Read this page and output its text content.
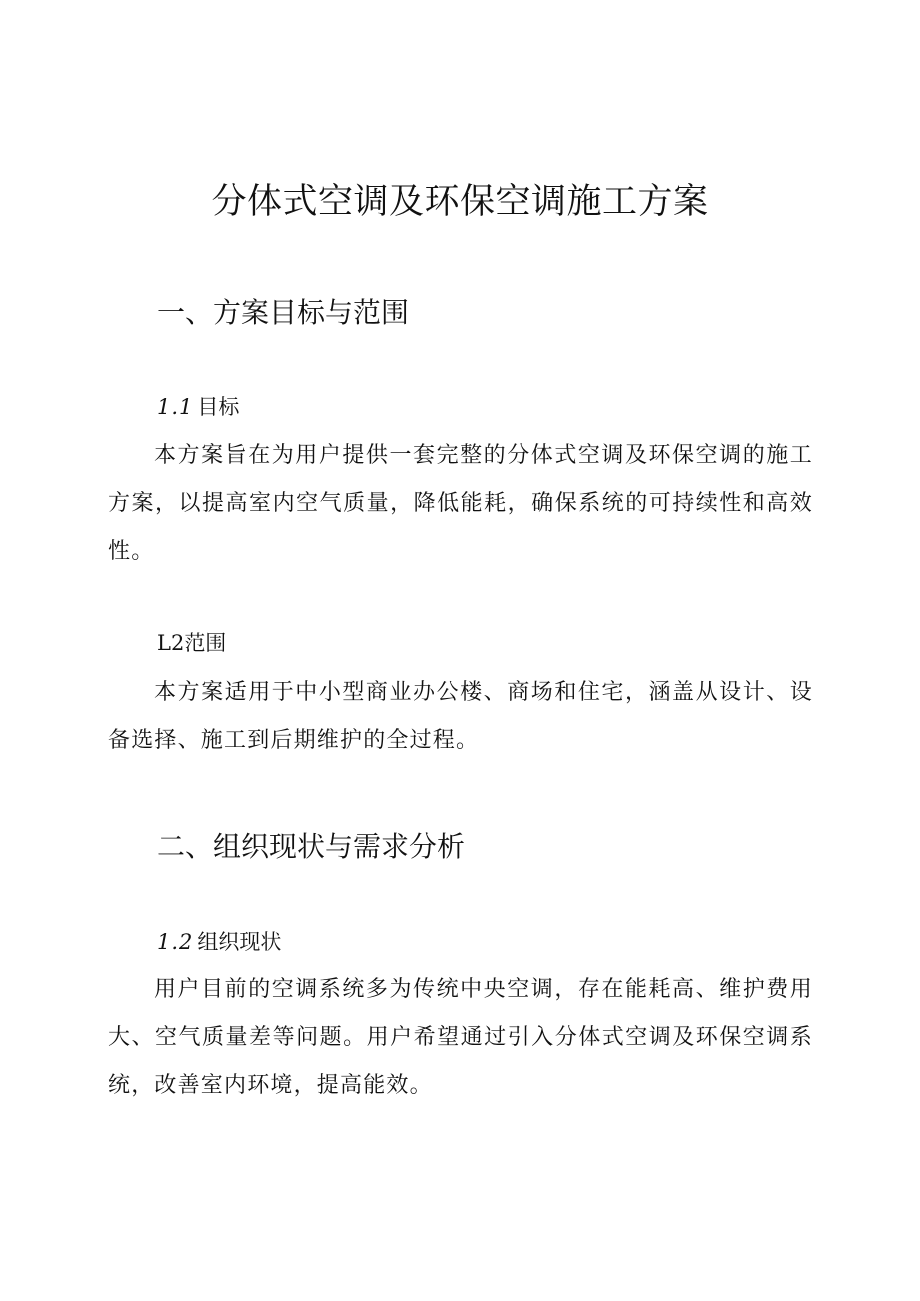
分体式空调及环保空调施工方案
一、方案目标与范围
1.1 目标

本方案旨在为用户提供一套完整的分体式空调及环保空调的施工方案，以提高室内空气质量，降低能耗，确保系统的可持续性和高效性。

L2范围

本方案适用于中小型商业办公楼、商场和住宅，涵盖从设计、设备选择、施工到后期维护的全过程。

二、组织现状与需求分析
1.2 组织现状

用户目前的空调系统多为传统中央空调，存在能耗高、维护费用大、空气质量差等问题。用户希望通过引入分体式空调及环保空调系统，改善室内环境，提高能效。
